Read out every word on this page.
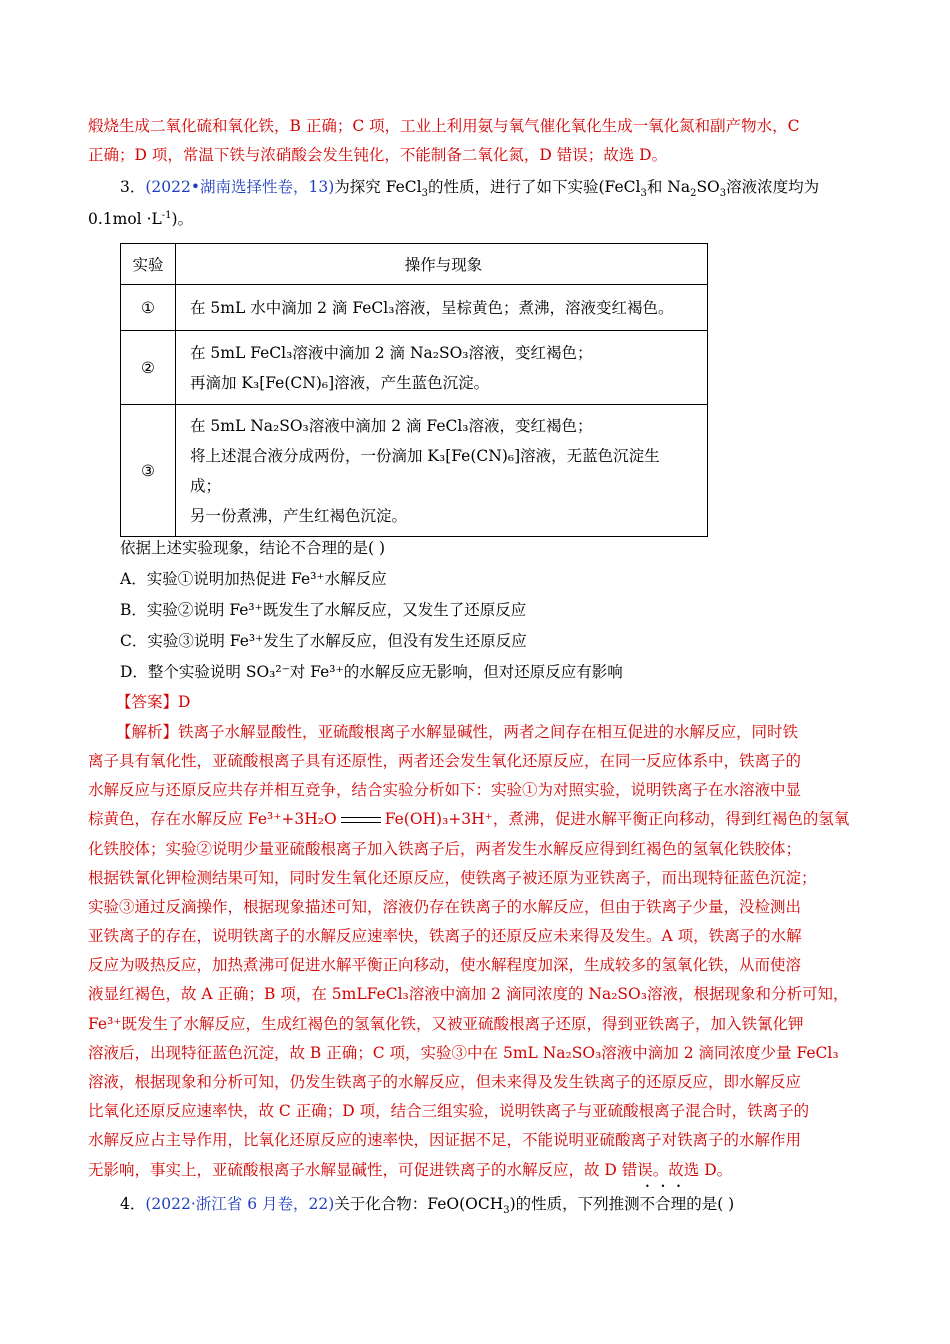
煅烧生成二氧化硫和氧化铁，B 正确；C 项，工业上利用氨与氧气催化氧化生成一氧化氮和副产物水，C
正确；D 项，常温下铁与浓硝酸会发生钝化，不能制备二氧化氮，D 错误；故选 D。
3．(2022•湖南选择性卷，13)为探究 FeCl$_3$的性质，进行了如下实验(FeCl$_3$和 $Na_2SO_3$溶液浓度均为
$0.1mol \cdot L^{-1}$)。
实验	操作与现象
①	在 5mL 水中滴加 2 滴 FeCl₃溶液，呈棕黄色；煮沸，溶液变红褐色。

②	在 5mL FeCl₃溶液中滴加 2 滴 Na₂SO₃溶液，变红褐色；
再滴加 K₃[Fe(CN)₆]溶液，产生蓝色沉淀。

③	在 5mL Na₂SO₃溶液中滴加 2 滴 FeCl₃溶液，变红褐色；
将上述混合液分成两份，一份滴加 K₃[Fe(CN)₆]溶液，无蓝色沉淀生
成；
另一份煮沸，产生红褐色沉淀。
依据上述实验现象，结论不合理的是( )
A．实验①说明加热促进 Fe³⁺水解反应
B．实验②说明 Fe³⁺既发生了水解反应，又发生了还原反应
C．实验③说明 Fe³⁺发生了水解反应，但没有发生还原反应
D．整个实验说明 SO₃²⁻对 Fe³⁺的水解反应无影响，但对还原反应有影响
【答案】D
【解析】铁离子水解显酸性，亚硫酸根离子水解显碱性，两者之间存在相互促进的水解反应，同时铁
离子具有氧化性，亚硫酸根离子具有还原性，两者还会发生氧化还原反应，在同一反应体系中，铁离子的
水解反应与还原反应共存并相互竞争，结合实验分析如下：实验①为对照实验，说明铁离子在水溶液中显
棕黄色，存在水解反应 Fe³⁺+3H₂O	Fe(OH)₃+3H⁺，煮沸，促进水解平衡正向移动，得到红褐色的氢氧
化铁胶体；实验②说明少量亚硫酸根离子加入铁离子后，两者发生水解反应得到红褐色的氢氧化铁胶体；
根据铁氰化钾检测结果可知，同时发生氧化还原反应，使铁离子被还原为亚铁离子，而出现特征蓝色沉淀；
实验③通过反滴操作，根据现象描述可知，溶液仍存在铁离子的水解反应，但由于铁离子少量，没检测出
亚铁离子的存在，说明铁离子的水解反应速率快，铁离子的还原反应未来得及发生。A 项，铁离子的水解
反应为吸热反应，加热煮沸可促进水解平衡正向移动，使水解程度加深，生成较多的氢氧化铁，从而使溶
液显红褐色，故 A 正确；B 项，在 5mLFeCl₃溶液中滴加 2 滴同浓度的 Na₂SO₃溶液，根据现象和分析可知，
Fe³⁺既发生了水解反应，生成红褐色的氢氧化铁，又被亚硫酸根离子还原，得到亚铁离子，加入铁氰化钾
溶液后，出现特征蓝色沉淀，故 B 正确；C 项，实验③中在 5mL Na₂SO₃溶液中滴加 2 滴同浓度少量 FeCl₃
溶液，根据现象和分析可知，仍发生铁离子的水解反应，但未来得及发生铁离子的还原反应，即水解反应
比氧化还原反应速率快，故 C 正确；D 项，结合三组实验，说明铁离子与亚硫酸根离子混合时，铁离子的
水解反应占主导作用，比氧化还原反应的速率快，因证据不足，不能说明亚硫酸离子对铁离子的水解作用
无影响，事实上，亚硫酸根离子水解显碱性，可促进铁离子的水解反应，故 D 错误。故选 D。
4．(2022·浙江省 6 月卷，22)关于化合物：$FeO(OCH_3)$的性质，下列推测不合理的是( )
